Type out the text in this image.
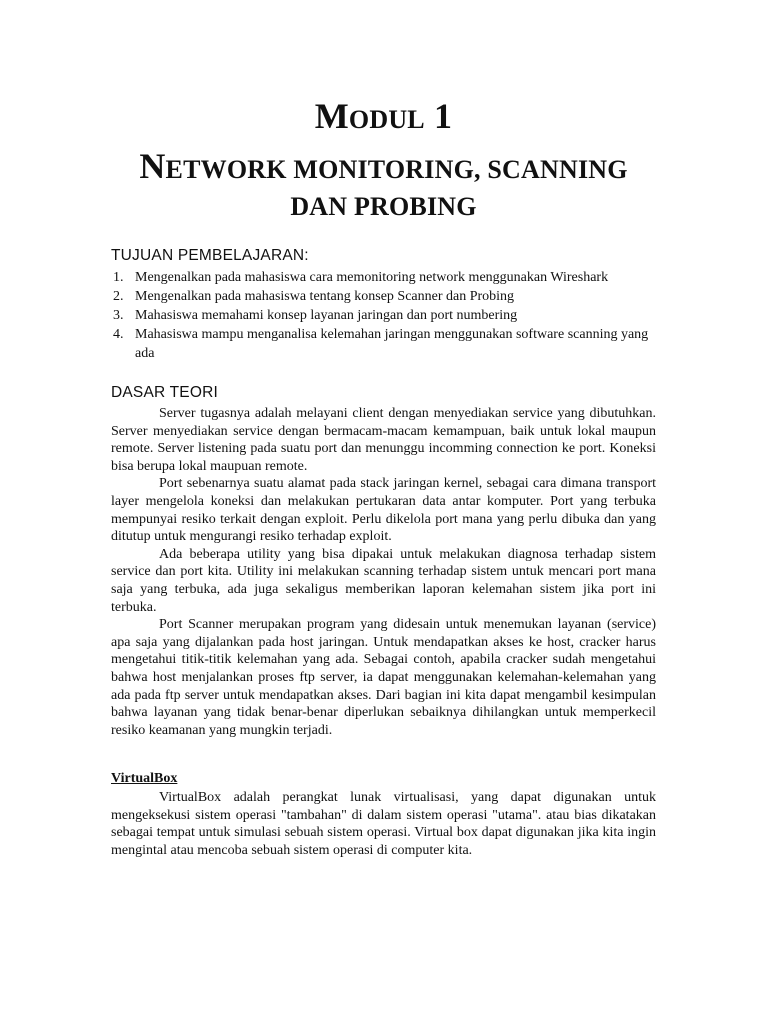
MODUL 1
NETWORK MONITORING, SCANNING
DAN PROBING
TUJUAN PEMBELAJARAN:
1. Mengenalkan pada mahasiswa cara memonitoring network menggunakan Wireshark
2. Mengenalkan pada mahasiswa tentang konsep Scanner dan Probing
3. Mahasiswa memahami konsep layanan jaringan dan port numbering
4. Mahasiswa mampu menganalisa kelemahan jaringan menggunakan software scanning yang ada
DASAR TEORI

Server tugasnya adalah melayani client dengan menyediakan service yang dibutuhkan. Server menyediakan service dengan bermacam-macam kemampuan, baik untuk lokal maupun remote. Server listening pada suatu port dan menunggu incomming connection ke port. Koneksi bisa berupa lokal maupuan remote.

Port sebenarnya suatu alamat pada stack jaringan kernel, sebagai cara dimana transport layer mengelola koneksi dan melakukan pertukaran data antar komputer. Port yang terbuka mempunyai resiko terkait dengan exploit. Perlu dikelola port mana yang perlu dibuka dan yang ditutup untuk mengurangi resiko terhadap exploit.

Ada beberapa utility yang bisa dipakai untuk melakukan diagnosa terhadap sistem service dan port kita. Utility ini melakukan scanning terhadap sistem untuk mencari port mana saja yang terbuka, ada juga sekaligus memberikan laporan kelemahan sistem jika port ini terbuka.

Port Scanner merupakan program yang didesain untuk menemukan layanan (service) apa saja yang dijalankan pada host jaringan. Untuk mendapatkan akses ke host, cracker harus mengetahui titik-titik kelemahan yang ada. Sebagai contoh, apabila cracker sudah mengetahui bahwa host menjalankan proses ftp server, ia dapat menggunakan kelemahan-kelemahan yang ada pada ftp server untuk mendapatkan akses. Dari bagian ini kita dapat mengambil kesimpulan bahwa layanan yang tidak benar-benar diperlukan sebaiknya dihilangkan untuk memperkecil resiko keamanan yang mungkin terjadi.

VirtualBox

VirtualBox adalah perangkat lunak virtualisasi, yang dapat digunakan untuk mengeksekusi sistem operasi "tambahan" di dalam sistem operasi "utama". atau bias dikatakan sebagai tempat untuk simulasi sebuah sistem operasi. Virtual box dapat digunakan jika kita ingin mengintal atau mencoba sebuah sistem operasi di computer kita.
